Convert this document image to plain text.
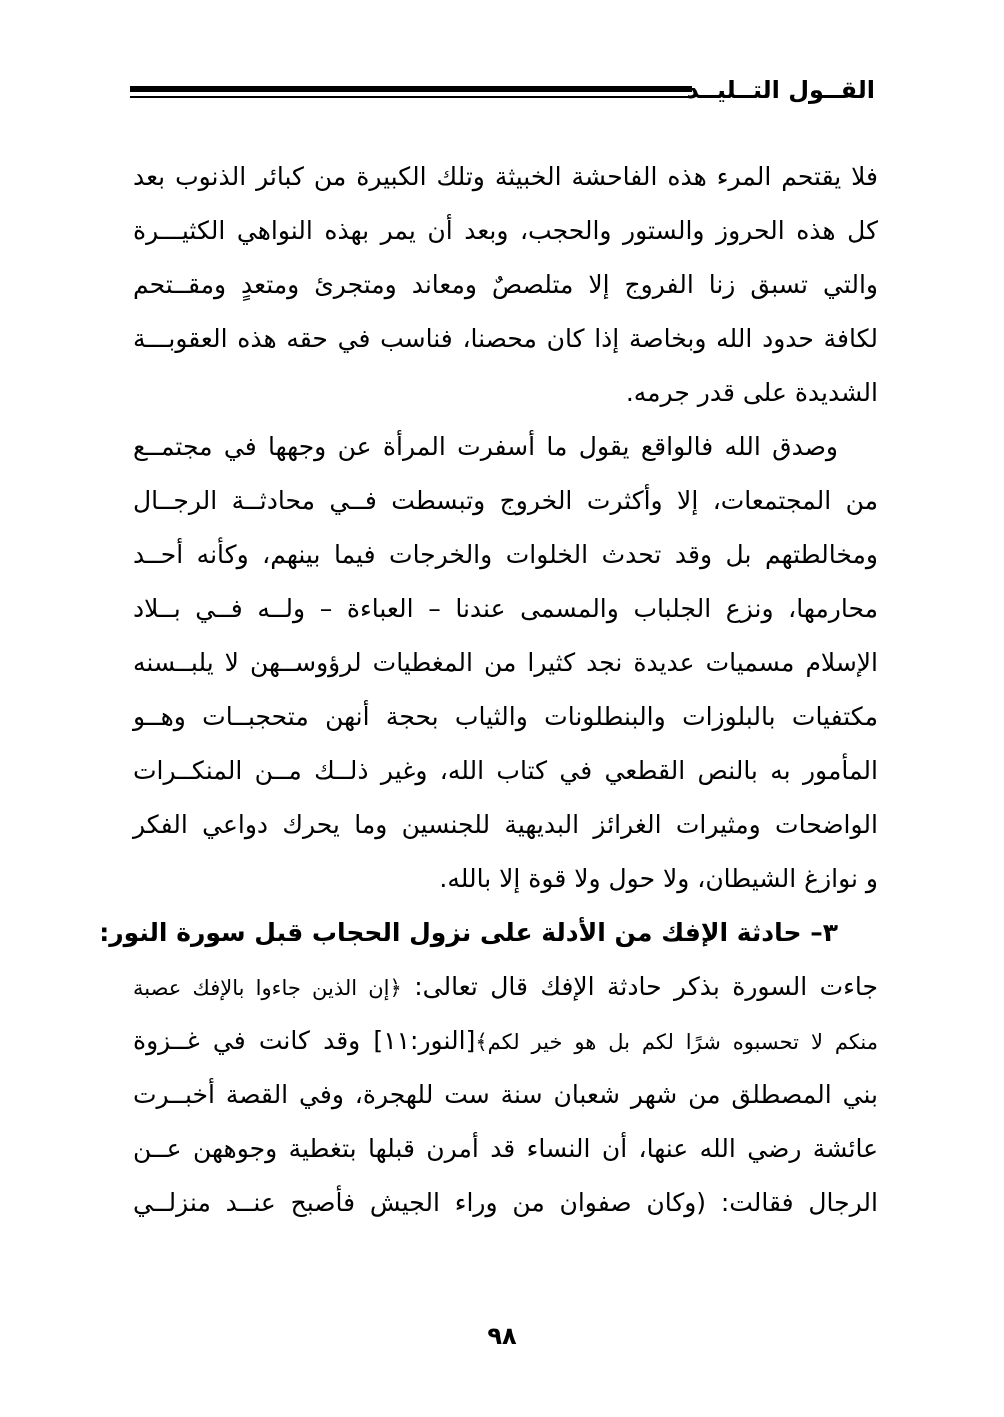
القــول التــليــد
فلا يقتحم المرء هذه الفاحشة الخبيثة وتلك الكبيرة من كبائر الذنوب بعد
كل هذه الحروز والستور والحجب، وبعد أن يمر بهذه النواهي الكثيـــرة
والتي تسبق زنا الفروج إلا متلصصٌ ومعاند ومتجرئ ومتعدٍ ومقــتحم
لكافة حدود الله وبخاصة إذا كان محصنا، فناسب في حقه هذه العقوبـــة
الشديدة على قدر جرمه.
وصدق الله فالواقع يقول ما أسفرت المرأة عن وجهها في مجتمــع
من المجتمعات، إلا وأكثرت الخروج وتبسطت فــي محادثــة الرجــال
ومخالطتهم بل وقد تحدث الخلوات والخرجات فيما بينهم، وكأنه أحــد
محارمها، ونزع الجلباب والمسمى عندنا – العباءة – ولــه فــي بــلاد
الإسلام مسميات عديدة نجد كثيرا من المغطيات لرؤوســهن لا يلبــسنه
مكتفيات بالبلوزات والبنطلونات والثياب بحجة أنهن متحجبــات وهــو
المأمور به بالنص القطعي في كتاب الله، وغير ذلــك مــن المنكــرات
الواضحات ومثيرات الغرائز البديهية للجنسين وما يحرك دواعي الفكر
و نوازغ الشيطان، ولا حول ولا قوة إلا بالله.
٣– حادثة الإفك من الأدلة على نزول الحجاب قبل سورة النور:
جاءت السورة بذكر حادثة الإفك قال تعالى: ﴿إن الذين جاءوا بالإفك عصبة
منكم لا تحسبوه شرًا لكم بل هو خير لكم﴾[النور:١١] وقد كانت في غــزوة
بني المصطلق من شهر شعبان سنة ست للهجرة، وفي القصة أخبــرت
عائشة رضي الله عنها، أن النساء قد أمرن قبلها بتغطية وجوههن عــن
الرجال فقالت: (وكان صفوان من وراء الجيش فأصبح عنــد منزلــي
٩٨
